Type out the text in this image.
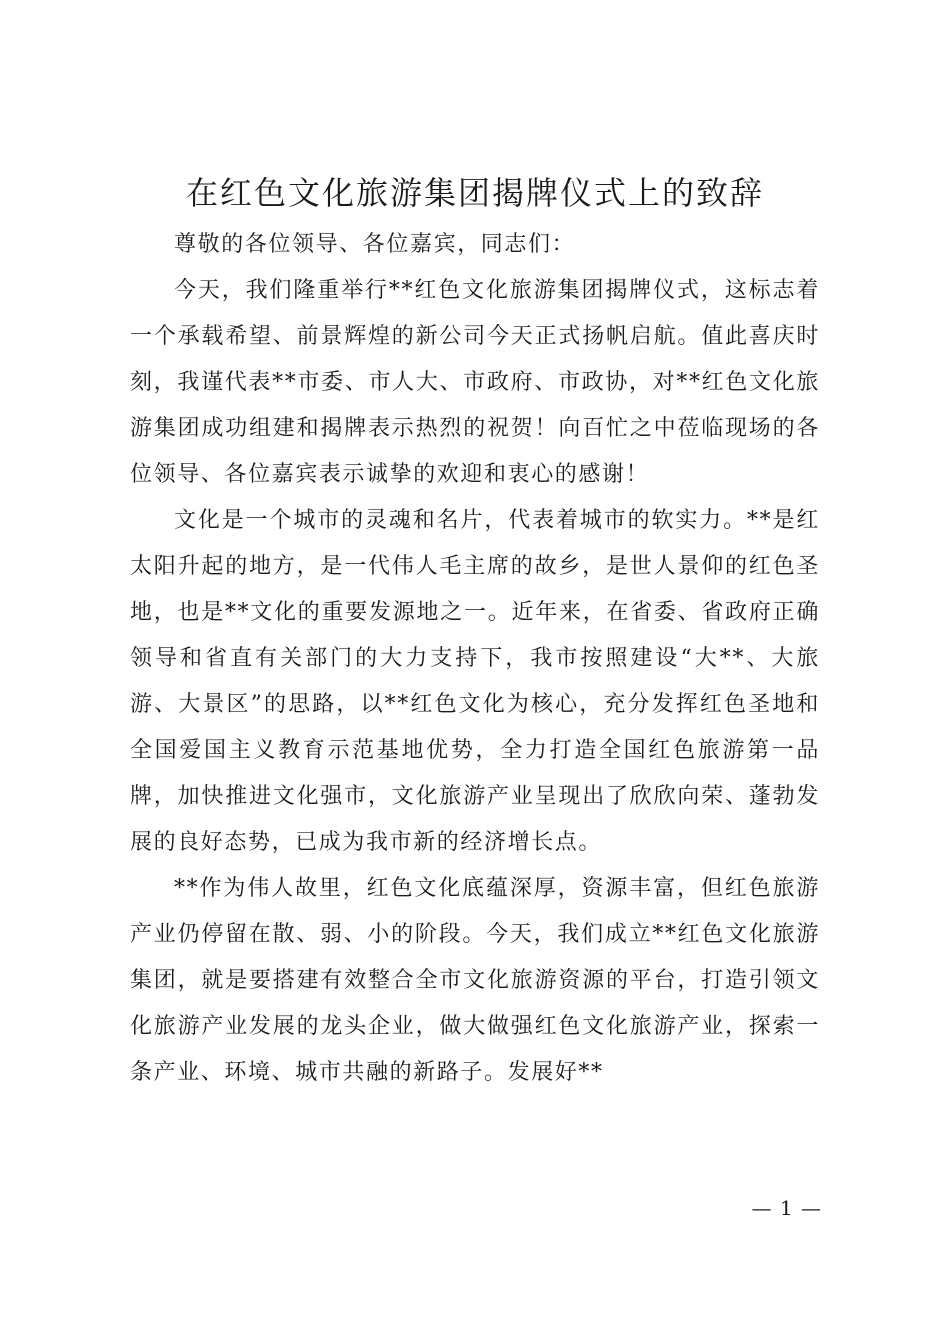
在红色文化旅游集团揭牌仪式上的致辞

尊敬的各位领导、各位嘉宾，同志们：

今天，我们隆重举行**红色文化旅游集团揭牌仪式，这标志着一个承载希望、前景辉煌的新公司今天正式扬帆启航。值此喜庆时刻，我谨代表**市委、市人大、市政府、市政协，对**红色文化旅游集团成功组建和揭牌表示热烈的祝贺！向百忙之中莅临现场的各位领导、各位嘉宾表示诚挚的欢迎和衷心的感谢！

文化是一个城市的灵魂和名片，代表着城市的软实力。**是红太阳升起的地方，是一代伟人毛主席的故乡，是世人景仰的红色圣地，也是**文化的重要发源地之一。近年来，在省委、省政府正确领导和省直有关部门的大力支持下，我市按照建设“大**、大旅游、大景区”的思路，以**红色文化为核心，充分发挥红色圣地和全国爱国主义教育示范基地优势，全力打造全国红色旅游第一品牌，加快推进文化强市，文化旅游产业呈现出了欣欣向荣、蓬勃发展的良好态势，已成为我市新的经济增长点。

**作为伟人故里，红色文化底蕴深厚，资源丰富，但红色旅游产业仍停留在散、弱、小的阶段。今天，我们成立**红色文化旅游集团，就是要搭建有效整合全市文化旅游资源的平台，打造引领文化旅游产业发展的龙头企业，做大做强红色文化旅游产业，探索一条产业、环境、城市共融的新路子。发展好**

— 1 —
